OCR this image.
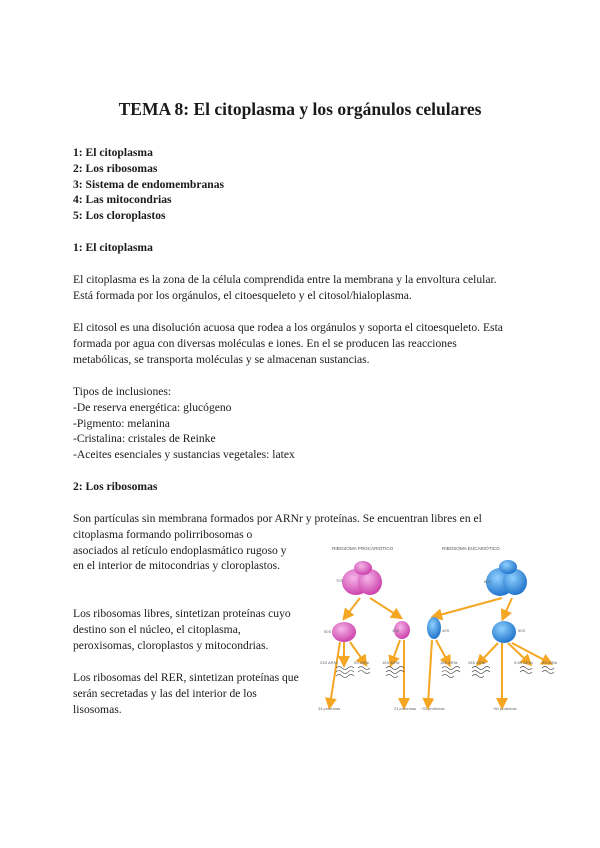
TEMA 8: El citoplasma y los orgánulos celulares
1: El citoplasma
2: Los ribosomas
3: Sistema de endomembranas
4: Las mitocondrias
5: Los cloroplastos
1: El citoplasma
El citoplasma es la zona de la célula comprendida entre la membrana y la envoltura celular.
Está formada por los orgánulos, el citoesqueleto y el citosol/hialoplasma.
El citosol es una disolución acuosa que rodea a los orgánulos y soporta el citoesqueleto. Esta
formada por agua con diversas moléculas e iones. En el se producen las reacciones
metabólicas, se transporta moléculas y se almacenan sustancias.
Tipos de inclusiones:
-De reserva energética: glucógeno
-Pigmento: melanina
-Cristalina: cristales de Reinke
-Aceites esenciales y sustancias vegetales: latex
2: Los ribosomas
Son partículas sin membrana formados por ARNr y proteínas. Se encuentran libres en el
citoplasma formando polirribosomas o
asociados al retículo endoplasmático rugoso y
en el interior de mitocondrias y cloroplastos.
Los ribosomas libres, sintetizan proteínas cuyo
destino son el núcleo, el citoplasma,
peroxisomas, cloroplastos y mitocondrias.
Los ribosomas del RER, sintetizan proteínas que
serán secretadas y las del interior de los
lisosomas.
RIBOSOMA PROCARIÓTICO	RIBOSOMA EUCARIÓTICO
70S	80S
50S	30S	40S	60S
23S ARNr	5S ARNr	16S ARNr	18S ARNr	28S ARNr	5,8S ARNr 5S ARNr
34 proteínas	21 proteínas ~33 proteínas	~50 proteínas
